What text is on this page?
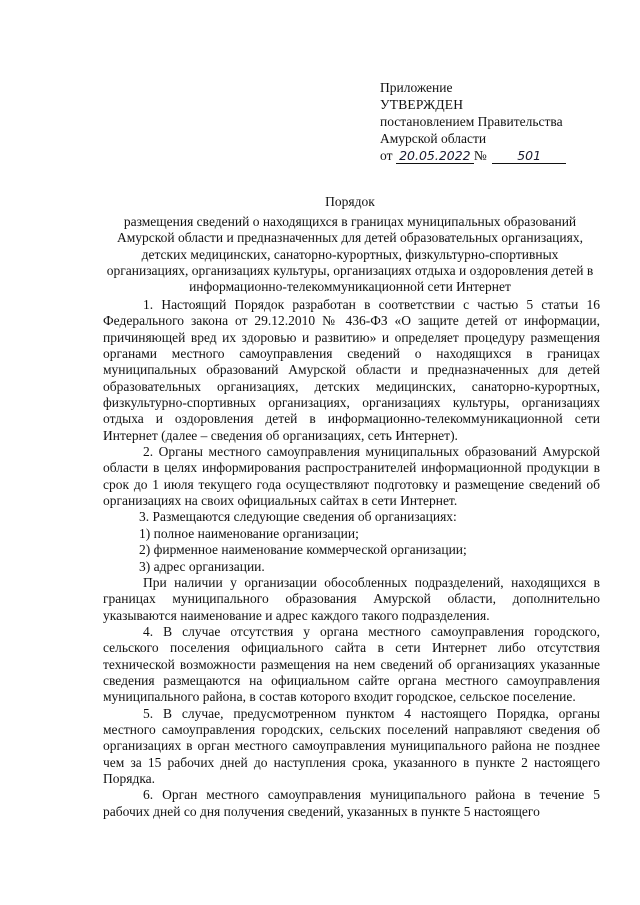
Приложение
УТВЕРЖДЕН
постановлением Правительства
Амурской области
от 20.05.2022 № 501
Порядок
размещения сведений о находящихся в границах муниципальных образований Амурской области и предназначенных для детей образовательных организациях, детских медицинских, санаторно-курортных, физкультурно-спортивных организациях, организациях культуры, организациях отдыха и оздоровления детей в информационно-телекоммуникационной сети Интернет

1. Настоящий Порядок разработан в соответствии с частью 5 статьи 16 Федерального закона от 29.12.2010 № 436-ФЗ «О защите детей от информации, причиняющей вред их здоровью и развитию» и определяет процедуру размещения органами местного самоуправления сведений о находящихся в границах муниципальных образований Амурской области и предназначенных для детей образовательных организациях, детских медицинских, санаторно-курортных, физкультурно-спортивных организациях, организациях культуры, организациях отдыха и оздоровления детей в информационно-телекоммуникационной сети Интернет (далее – сведения об организациях, сеть Интернет).

2. Органы местного самоуправления муниципальных образований Амурской области в целях информирования распространителей информационной продукции в срок до 1 июля текущего года осуществляют подготовку и размещение сведений об организациях на своих официальных сайтах в сети Интернет.

3. Размещаются следующие сведения об организациях:

1) полное наименование организации;

2) фирменное наименование коммерческой организации;

3) адрес организации.

При наличии у организации обособленных подразделений, находящихся в границах муниципального образования Амурской области, дополнительно указываются наименование и адрес каждого такого подразделения.

4. В случае отсутствия у органа местного самоуправления городского, сельского поселения официального сайта в сети Интернет либо отсутствия технической возможности размещения на нем сведений об организациях указанные сведения размещаются на официальном сайте органа местного самоуправления муниципального района, в состав которого входит городское, сельское поселение.

5. В случае, предусмотренном пунктом 4 настоящего Порядка, органы местного самоуправления городских, сельских поселений направляют сведения об организациях в орган местного самоуправления муниципального района не позднее чем за 15 рабочих дней до наступления срока, указанного в пункте 2 настоящего Порядка.

6. Орган местного самоуправления муниципального района в течение 5 рабочих дней со дня получения сведений, указанных в пункте 5 настоящего
